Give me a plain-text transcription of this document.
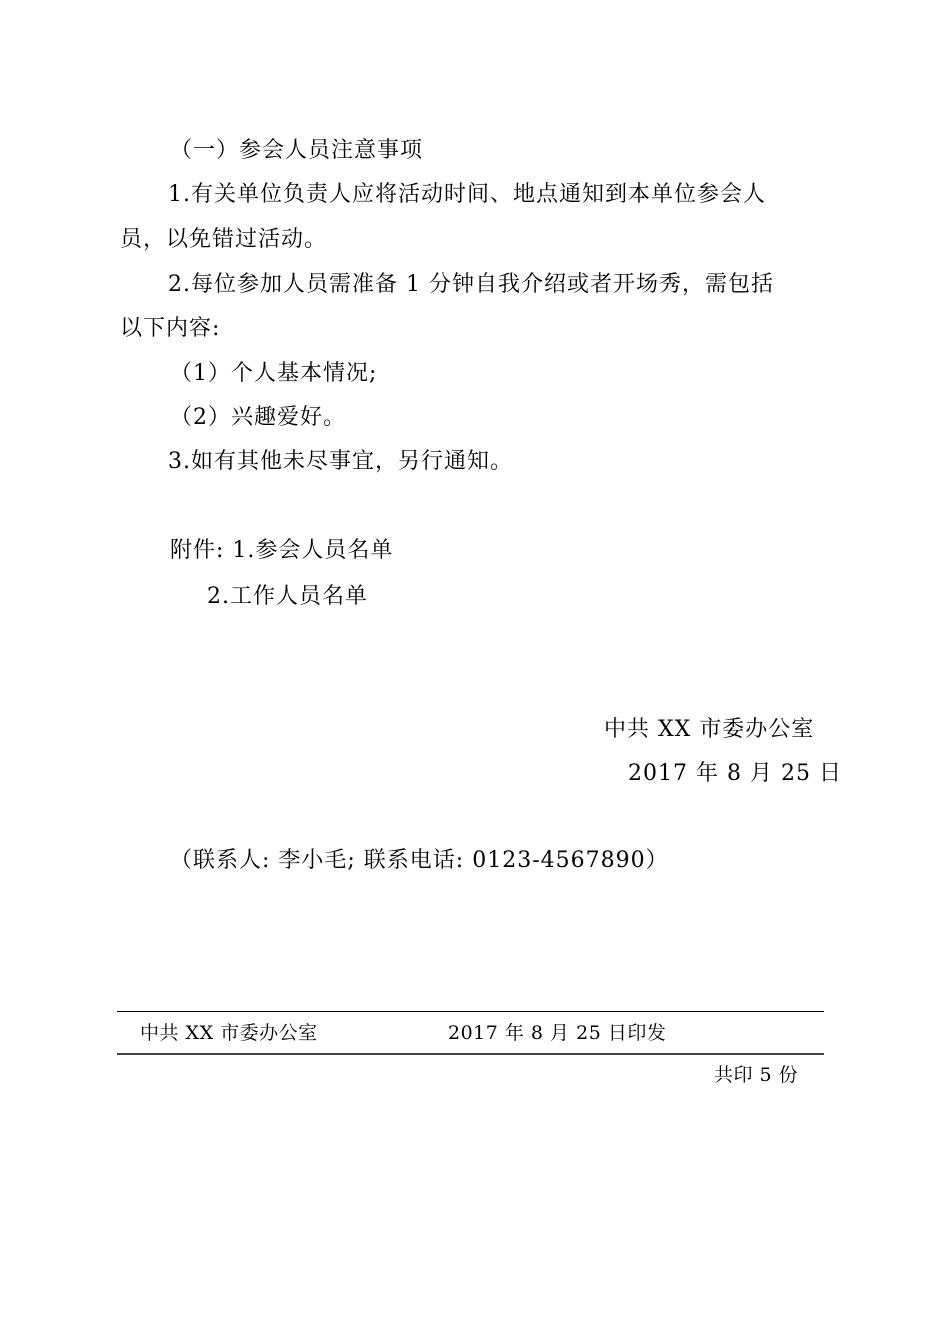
（一）参会人员注意事项
1.有关单位负责人应将活动时间、地点通知到本单位参会人
员，以免错过活动。
2.每位参加人员需准备 1 分钟自我介绍或者开场秀，需包括
以下内容:
（1）个人基本情况;
（2）兴趣爱好。
3.如有其他未尽事宜，另行通知。
附件: 1.参会人员名单
2.工作人员名单
中共 XX 市委办公室
2017 年 8 月 25 日
（联系人: 李小毛; 联系电话: 0123-4567890）
中共 XX 市委办公室	2017 年 8 月 25 日印发
共印 5 份
